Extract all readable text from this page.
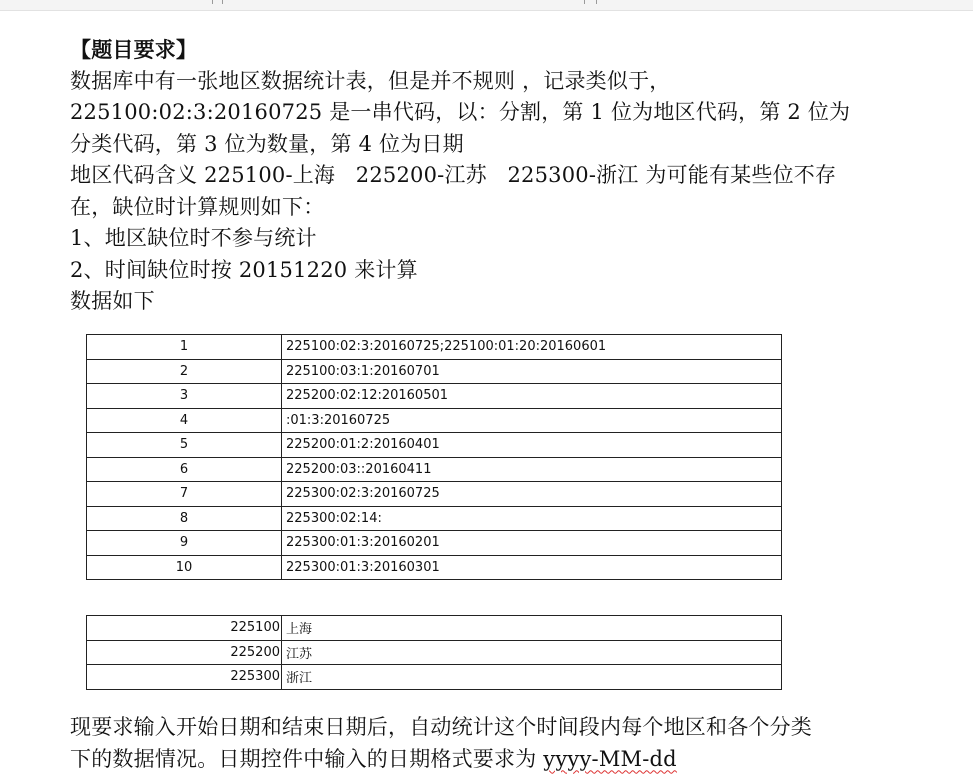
【题目要求】

数据库中有一张地区数据统计表，但是并不规则 ，记录类似于，

225100:02:3:20160725 是一串代码，以：分割，第 1 位为地区代码，第 2 位为

分类代码，第 3 位为数量，第 4 位为日期

地区代码含义 225100-上海   225200-江苏   225300-浙江 为可能有某些位不存

在，缺位时计算规则如下：

1、地区缺位时不参与统计

2、时间缺位时按 20151220 来计算

数据如下

1	225100:02:3:20160725;225100:01:20:20160601
2	225100:03:1:20160701
3	225200:02:12:20160501
4	:01:3:20160725
5	225200:01:2:20160401
6	225200:03::20160411
7	225300:02:3:20160725
8	225300:02:14:
9	225300:01:3:20160201
10	225300:01:3:20160301
225100	上海
225200	江苏
225300	浙江

现要求输入开始日期和结束日期后，自动统计这个时间段内每个地区和各个分类

下的数据情况。日期控件中输入的日期格式要求为 yyyy-MM-dd
